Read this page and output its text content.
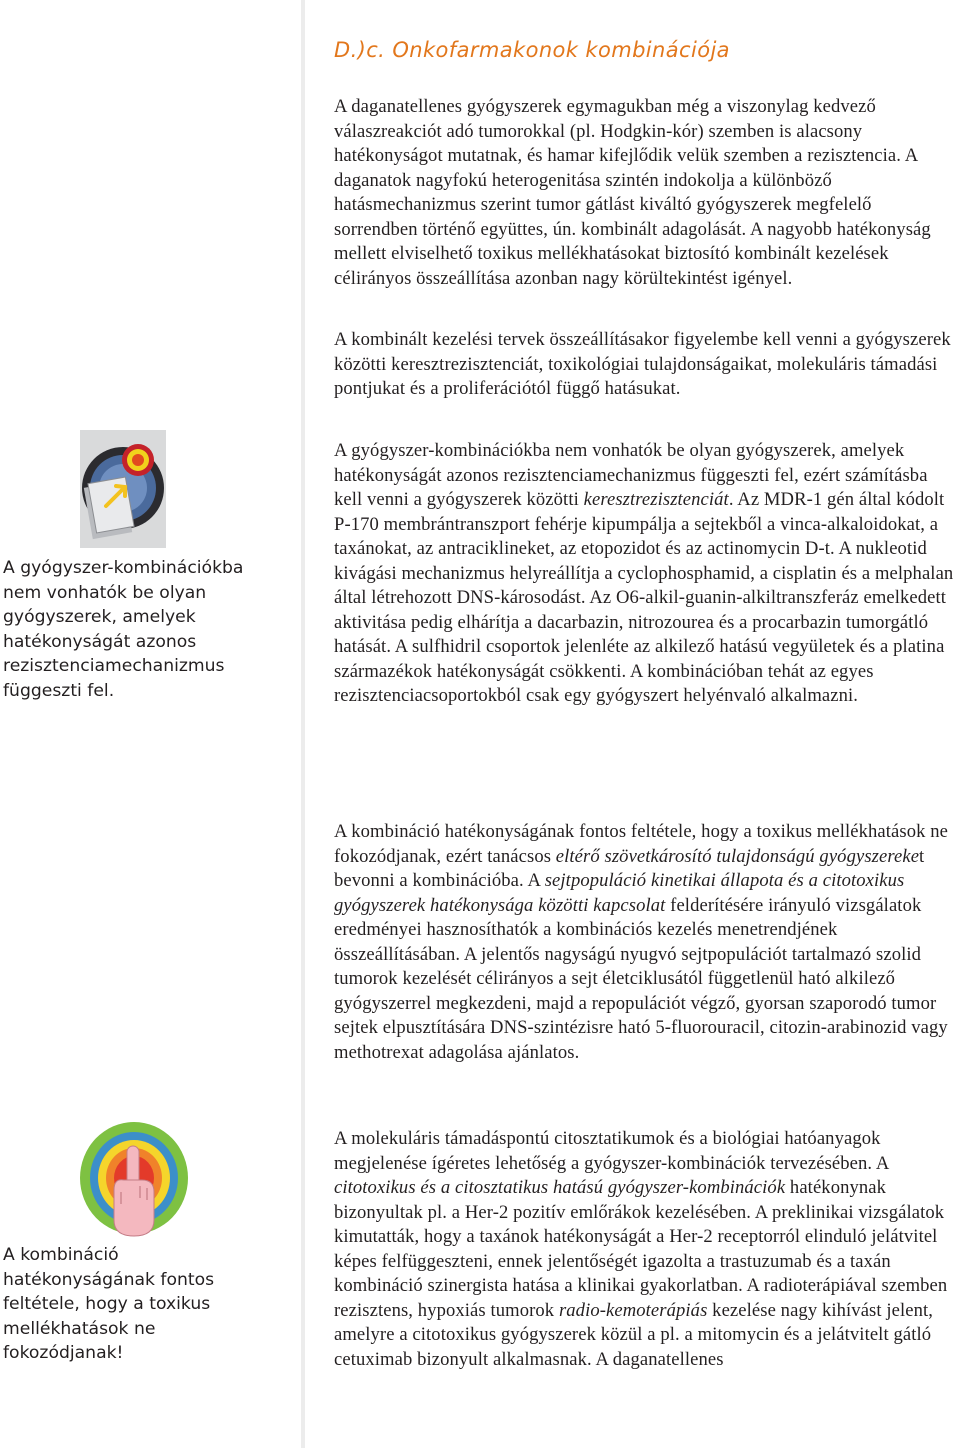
A gyógyszer-kombinációkba
nem vonhatók be olyan
gyógyszerek, amelyek
hatékonyságát azonos
rezisztenciamechanizmus
függeszti fel.

A kombináció
hatékonyságának fontos
feltétele, hogy a toxikus
mellékhatások ne
fokozódjanak!

D.)c. Onkofarmakonok kombinációja

A daganatellenes gyógyszerek egymagukban még a viszonylag kedvező válaszreakciót adó tumorokkal (pl. Hodgkin-kór) szemben is alacsony hatékonyságot mutatnak, és hamar kifejlődik velük szemben a rezisztencia. A daganatok nagyfokú heterogenitása szintén indokolja a különböző hatásmechanizmus szerint tumor gátlást kiváltó gyógyszerek megfelelő sorrendben történő együttes, ún. kombinált adagolását. A nagyobb hatékonyság mellett elviselhető toxikus mellékhatásokat biztosító kombinált kezelések célirányos összeállítása azonban nagy körültekintést igényel.

A kombinált kezelési tervek összeállításakor figyelembe kell venni a gyógyszerek közötti keresztrezisztenciát, toxikológiai tulajdonságaikat, molekuláris támadási pontjukat és a proliferációtól függő hatásukat.

A gyógyszer-kombinációkba nem vonhatók be olyan gyógyszerek, amelyek hatékonyságát azonos rezisztenciamechanizmus függeszti fel, ezért számításba kell venni a gyógyszerek közötti keresztrezisztenciát. Az MDR-1 gén által kódolt P-170 membrántranszport fehérje kipumpálja a sejtekből a vinca-alkaloidokat, a taxánokat, az antraciklineket, az etopozidot és az actinomycin D-t. A nukleotid kivágási mechanizmus helyreállítja a cyclophosphamid, a cisplatin és a melphalan által létrehozott DNS-károsodást. Az O6-alkil-guanin-alkiltranszferáz emelkedett aktivitása pedig elhárítja a dacarbazin, nitrozourea és a procarbazin tumorgátló hatását. A sulfhidril csoportok jelenléte az alkilező hatású vegyületek és a platina származékok hatékonyságát csökkenti. A kombinációban tehát az egyes rezisztenciacsoportokból csak egy gyógyszert helyénvaló alkalmazni.

A kombináció hatékonyságának fontos feltétele, hogy a toxikus mellékhatások ne fokozódjanak, ezért tanácsos eltérő szövetkárosító tulajdonságú gyógyszereket bevonni a kombinációba. A sejtpopuláció kinetikai állapota és a citotoxikus gyógyszerek hatékonysága közötti kapcsolat felderítésére irányuló vizsgálatok eredményei hasznosíthatók a kombinációs kezelés menetrendjének összeállításában. A jelentős nagyságú nyugvó sejtpopulációt tartalmazó szolid tumorok kezelését célirányos a sejt életciklusától függetlenül ható alkilező gyógyszerrel megkezdeni, majd a repopulációt végző, gyorsan szaporodó tumor sejtek elpusztítására DNS-szintézisre ható 5-fluorouracil, citozin-arabinozid vagy methotrexat adagolása ajánlatos.

A molekuláris támadáspontú citosztatikumok és a biológiai hatóanyagok megjelenése ígéretes lehetőség a gyógyszer-kombinációk tervezésében. A citotoxikus és a citosztatikus hatású gyógyszer-kombinációk hatékonynak bizonyultak pl. a Her-2 pozitív emlőrákok kezelésében. A preklinikai vizsgálatok kimutatták, hogy a taxánok hatékonyságát a Her-2 receptorról elinduló jelátvitel képes felfüggeszteni, ennek jelentőségét igazolta a trastuzumab és a taxán kombináció szinergista hatása a klinikai gyakorlatban. A radioterápiával szemben rezisztens, hypoxiás tumorok radio-kemoterápiás kezelése nagy kihívást jelent, amelyre a citotoxikus gyógyszerek közül a pl. a mitomycin és a jelátvitelt gátló cetuximab bizonyult alkalmasnak. A daganatellenes
